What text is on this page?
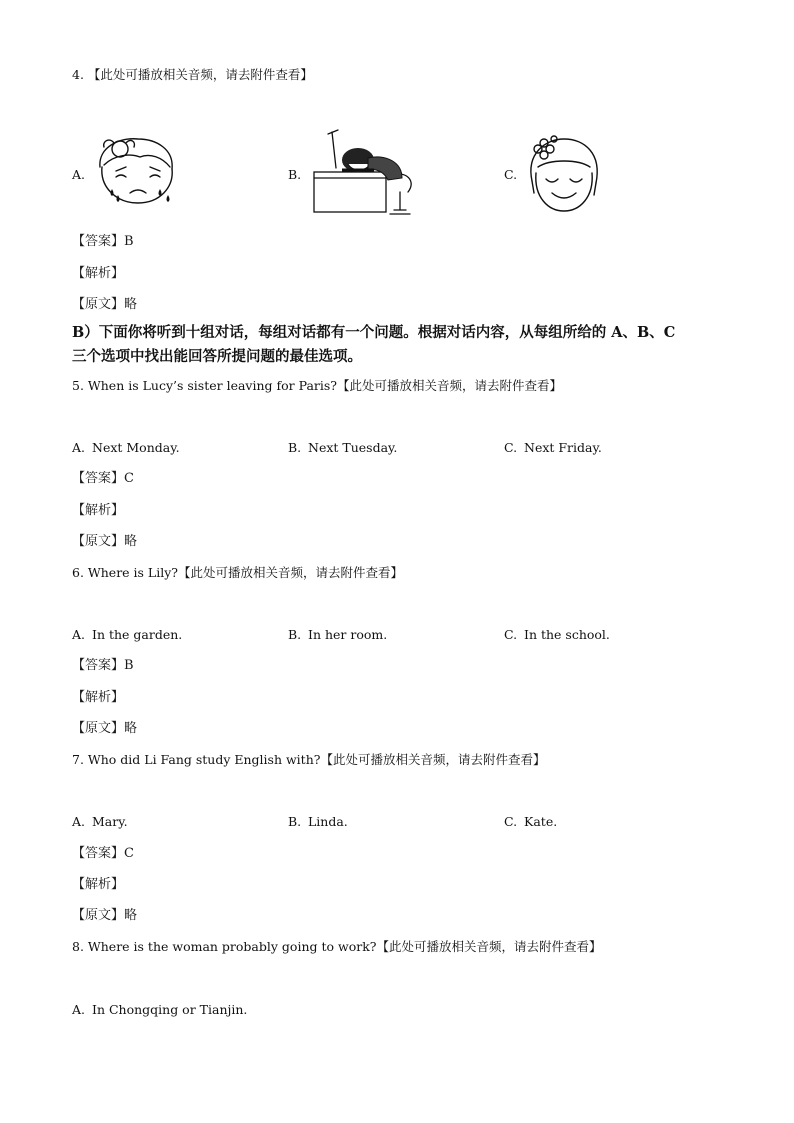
4. 【此处可播放相关音频，请去附件查看】
A.	B.	C.
【答案】B
【解析】
【原文】略
B）下面你将听到十组对话，每组对话都有一个问题。根据对话内容，从每组所给的 A、B、C
三个选项中找出能回答所提问题的最佳选项。
5. When is Lucy’s sister leaving for Paris?【此处可播放相关音频，请去附件查看】
A. Next Monday.	B. Next Tuesday.	C. Next Friday.
【答案】C
【解析】
【原文】略
6. Where is Lily?【此处可播放相关音频，请去附件查看】
A. In the garden.	B. In her room.	C. In the school.
【答案】B
【解析】
【原文】略
7. Who did Li Fang study English with?【此处可播放相关音频，请去附件查看】
A. Mary.	B. Linda.	C. Kate.
【答案】C
【解析】
【原文】略
8. Where is the woman probably going to work?【此处可播放相关音频，请去附件查看】
A. In Chongqing or Tianjin.
